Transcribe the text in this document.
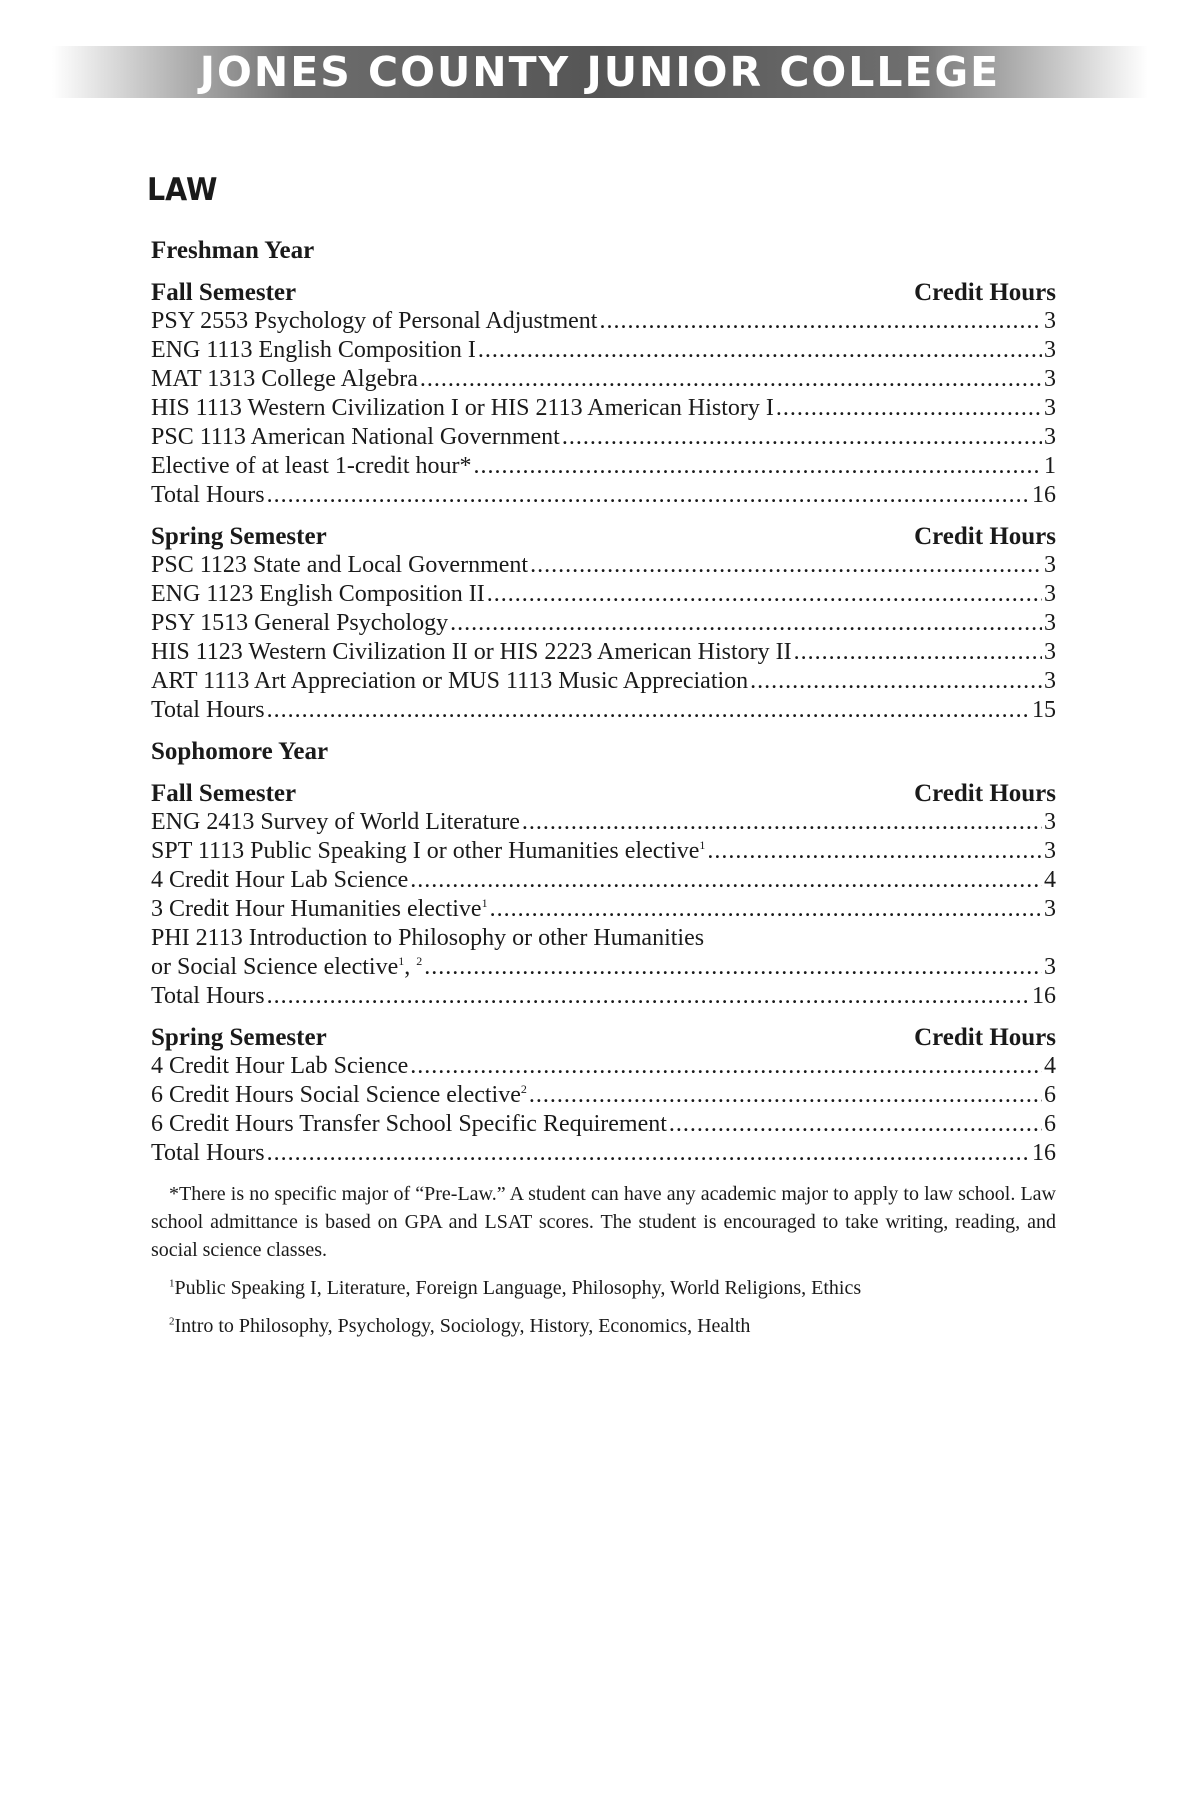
JONES COUNTY JUNIOR COLLEGE
LAW
Freshman Year
Fall Semester	Credit Hours
PSY 2553 Psychology of Personal Adjustment .....	3
ENG 1113 English Composition I .....	3
MAT 1313 College Algebra .....	3
HIS 1113 Western Civilization I or HIS 2113 American History I .....	3
PSC 1113 American National Government .....	3
Elective of at least 1-credit hour* .....	1
Total Hours .....	16
Spring Semester	Credit Hours
PSC 1123 State and Local Government .....	3
ENG 1123 English Composition II .....	3
PSY 1513 General Psychology .....	3
HIS 1123 Western Civilization II or HIS 2223 American History II .....	3
ART 1113 Art Appreciation or MUS 1113 Music Appreciation .....	3
Total Hours .....	15
Sophomore Year
Fall Semester	Credit Hours
ENG 2413 Survey of World Literature .....	3
SPT 1113 Public Speaking I or other Humanities elective$^1$ .....	3
4 Credit Hour Lab Science .....	4
3 Credit Hour Humanities elective$^1$ .....	3
PHI 2113 Introduction to Philosophy or other Humanities
or Social Science elective$^1$, $^2$ .....	3
Total Hours .....	16
Spring Semester	Credit Hours
4 Credit Hour Lab Science .....	4
6 Credit Hours Social Science elective$^2$ .....	6
6 Credit Hours Transfer School Specific Requirement .....	6
Total Hours .....	16

*There is no specific major of “Pre-Law.” A student can have any academic major to apply to law school. Law school admittance is based on GPA and LSAT scores. The student is encouraged to take writing, reading, and social science classes.

$^1$Public Speaking I, Literature, Foreign Language, Philosophy, World Religions, Ethics

$^2$Intro to Philosophy, Psychology, Sociology, History, Economics, Health
